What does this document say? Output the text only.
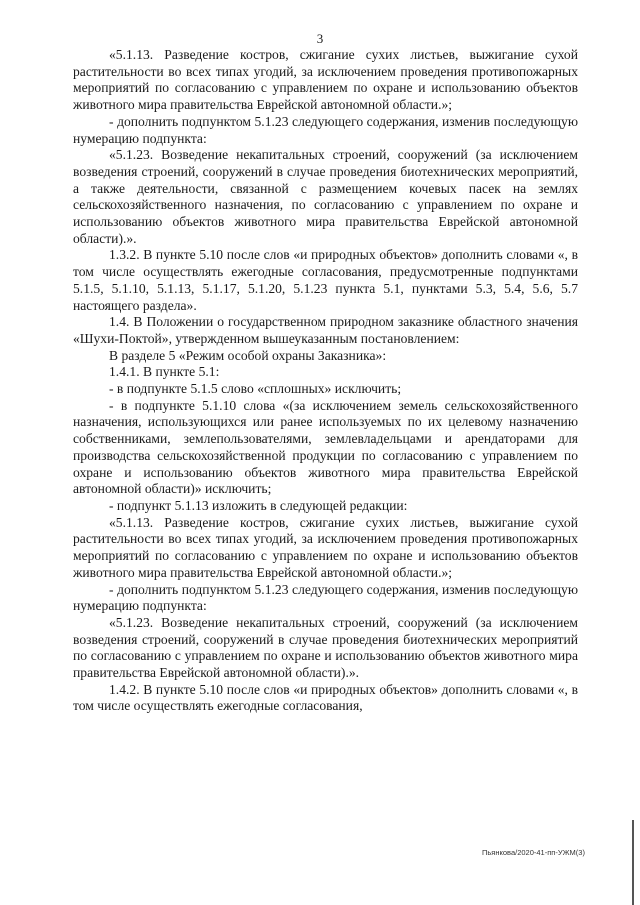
3

«5.1.13. Разведение костров, сжигание сухих листьев, выжигание сухой растительности во всех типах угодий, за исключением проведения противопожарных мероприятий по согласованию с управлением по охране и использованию объектов животного мира правительства Еврейской автономной области.»;

- дополнить подпунктом 5.1.23 следующего содержания, изменив последующую нумерацию подпункта:

«5.1.23. Возведение некапитальных строений, сооружений (за исключением возведения строений, сооружений в случае проведения биотехнических мероприятий, а также деятельности, связанной с размещением кочевых пасек на землях сельскохозяйственного назначения, по согласованию с управлением по охране и использованию объектов животного мира правительства Еврейской автономной области).».

1.3.2. В пункте 5.10 после слов «и природных объектов» дополнить словами «, в том числе осуществлять ежегодные согласования, предусмотренные подпунктами 5.1.5, 5.1.10, 5.1.13, 5.1.17, 5.1.20, 5.1.23 пункта 5.1, пунктами 5.3, 5.4, 5.6, 5.7 настоящего раздела».

1.4. В Положении о государственном природном заказнике областного значения «Шухи-Поктой», утвержденном вышеуказанным постановлением:

В разделе 5 «Режим особой охраны Заказника»:

1.4.1. В пункте 5.1:

- в подпункте 5.1.5 слово «сплошных» исключить;

- в подпункте 5.1.10 слова «(за исключением земель сельскохозяйственного назначения, использующихся или ранее используемых по их целевому назначению собственниками, землепользователями, землевладельцами и арендаторами для производства сельскохозяйственной продукции по согласованию с управлением по охране и использованию объектов животного мира правительства Еврейской автономной области)» исключить;

- подпункт 5.1.13 изложить в следующей редакции:

«5.1.13. Разведение костров, сжигание сухих листьев, выжигание сухой растительности во всех типах угодий, за исключением проведения противопожарных мероприятий по согласованию с управлением по охране и использованию объектов животного мира правительства Еврейской автономной области.»;

- дополнить подпунктом 5.1.23 следующего содержания, изменив последующую нумерацию подпункта:

«5.1.23. Возведение некапитальных строений, сооружений (за исключением возведения строений, сооружений в случае проведения биотехнических мероприятий по согласованию с управлением по охране и использованию объектов животного мира правительства Еврейской автономной области).».

1.4.2. В пункте 5.10 после слов «и природных объектов» дополнить словами «, в том числе осуществлять ежегодные согласования,

Пьянкова/2020-41-пп-УЖМ(3)
